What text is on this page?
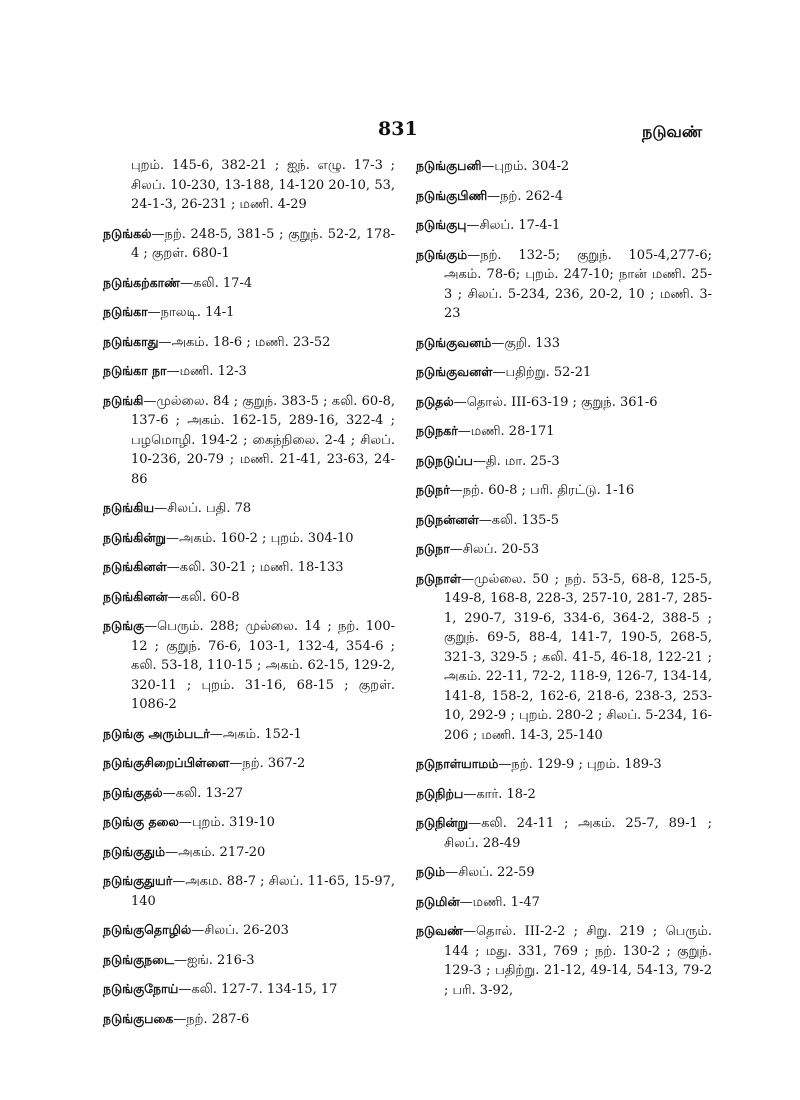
831	நடுவண்
புறம். 145-6, 382-21 ; ஐந். எழு. 17-3 ; சிலப். 10-230, 13-188, 14-120 20-10, 53, 24-1-3, 26-231 ; மணி. 4-29
நடுங்கல்—நற். 248-5, 381-5 ; குறுந். 52-2, 178-4 ; குறள். 680-1
நடுங்கற்காண்—கலி. 17-4
நடுங்கா—நாலடி. 14-1
நடுங்காது—அகம். 18-6 ; மணி. 23-52
நடுங்கா நா—மணி. 12-3
நடுங்கி—முல்லை. 84 ; குறுந். 383-5 ; கலி. 60-8, 137-6 ; அகம். 162-15, 289-16, 322-4 ; பழமொழி. 194-2 ; கைந்நிலை. 2-4 ; சிலப். 10-236, 20-79 ; மணி. 21-41, 23-63, 24-86
நடுங்கிய—சிலப். பதி. 78
நடுங்கின்று—அகம். 160-2 ; புறம். 304-10
நடுங்கினள்—கலி. 30-21 ; மணி. 18-133
நடுங்கினன்—கலி. 60-8
நடுங்கு—பெரும். 288; முல்லை. 14 ; நற். 100-12 ; குறுந். 76-6, 103-1, 132-4, 354-6 ; கலி. 53-18, 110-15 ; அகம். 62-15, 129-2, 320-11 ; புறம். 31-16, 68-15 ; குறள். 1086-2
நடுங்கு அரும்படர்—அகம். 152-1
நடுங்குசிறைப்பிள்ளை—நற். 367-2
நடுங்குதல்—கலி. 13-27
நடுங்கு தலை—புறம். 319-10
நடுங்குதும்—அகம். 217-20
நடுங்குதுயர்—அகம. 88-7 ; சிலப். 11-65, 15-97, 140
நடுங்குதொழில்—சிலப். 26-203
நடுங்குநடை—ஐங். 216-3
நடுங்குநோய்—கலி. 127-7. 134-15, 17
நடுங்குபகை—நற். 287-6
நடுங்குபனி—புறம். 304-2
நடுங்குபிணி—நற். 262-4
நடுங்குபு—சிலப். 17-4-1
நடுங்கும்—நற். 132-5; குறுந். 105-4,277-6; அகம். 78-6; புறம். 247-10; நான் மணி. 25-3 ; சிலப். 5-234, 236, 20-2, 10 ; மணி. 3-23
நடுங்குவனம்—குறி. 133
நடுங்குவனள்—பதிற்று. 52-21
நடுதல்—தொல். III-63-19 ; குறுந். 361-6
நடுநகர்—மணி. 28-171
நடுநடுப்ப—தி. மா. 25-3
நடுநர்—நற். 60-8 ; பரி. திரட்டு. 1-16
நடுநன்னள்—கலி. 135-5
நடுநா—சிலப். 20-53
நடுநாள்—முல்லை. 50 ; நற். 53-5, 68-8, 125-5, 149-8, 168-8, 228-3, 257-10, 281-7, 285-1, 290-7, 319-6, 334-6, 364-2, 388-5 ; குறுந். 69-5, 88-4, 141-7, 190-5, 268-5, 321-3, 329-5 ; கலி. 41-5, 46-18, 122-21 ; அகம். 22-11, 72-2, 118-9, 126-7, 134-14, 141-8, 158-2, 162-6, 218-6, 238-3, 253-10, 292-9 ; புறம். 280-2 ; சிலப். 5-234, 16-206 ; மணி. 14-3, 25-140
நடுநாள்யாமம்—நற். 129-9 ; புறம். 189-3
நடுநிற்ப—கார். 18-2
நடுநின்று—கலி. 24-11 ; அகம். 25-7, 89-1 ; சிலப். 28-49
நடும்—சிலப். 22-59
நடுமின்—மணி. 1-47
நடுவண்—தொல். III-2-2 ; சிறு. 219 ; பெரும். 144 ; மது. 331, 769 ; நற். 130-2 ; குறுந். 129-3 ; பதிற்று. 21-12, 49-14, 54-13, 79-2 ; பரி. 3-92,
